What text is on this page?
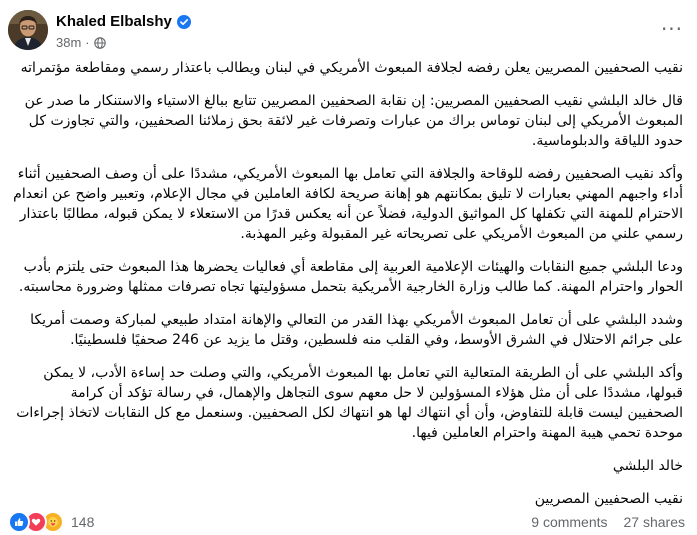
Khaled Elbalshy
38m ·
···

نقيب الصحفيين المصريين يعلن رفضه لجلافة المبعوث الأمريكي في لبنان ويطالب باعتذار رسمي ومقاطعة مؤتمراته

قال خالد البلشي نقيب الصحفيين المصريين: إن نقابة الصحفيين المصريين تتابع ببالغ الاستياء والاستنكار ما صدر عن المبعوث الأمريكي إلى لبنان توماس براك من عبارات وتصرفات غير لائقة بحق زملائنا الصحفيين، والتي تجاوزت كل حدود اللياقة والدبلوماسية.

وأكد نقيب الصحفيين رفضه للوقاحة والجلافة التي تعامل بها المبعوث الأمريكي، مشددًا على أن وصف الصحفيين أثناء أداء واجبهم المهني بعبارات لا تليق بمكانتهم هو إهانة صريحة لكافة العاملين في مجال الإعلام، وتعبير واضح عن انعدام الاحترام للمهنة التي تكفلها كل المواثيق الدولية، فضلاً عن أنه يعكس قدرًا من الاستعلاء لا يمكن قبوله، مطالبًا باعتذار رسمي علني من المبعوث الأمريكي على تصريحاته غير المقبولة وغير المهذبة.

ودعا البلشي جميع النقابات والهيئات الإعلامية العربية إلى مقاطعة أي فعاليات يحضرها هذا المبعوث حتى يلتزم بأدب الحوار واحترام المهنة. كما طالب وزارة الخارجية الأمريكية بتحمل مسؤوليتها تجاه تصرفات ممثلها وضرورة محاسبته.

وشدد البلشي على أن تعامل المبعوث الأمريكي بهذا القدر من التعالي والإهانة امتداد طبيعي لمباركة وصمت أمريكا على جرائم الاحتلال في الشرق الأوسط، وفي القلب منه فلسطين، وقتل ما يزيد عن 246 صحفيًا فلسطينيًا.

وأكد البلشي على أن الطريقة المتعالية التي تعامل بها المبعوث الأمريكي، والتي وصلت حد إساءة الأدب، لا يمكن قبولها، مشددًا على أن مثل هؤلاء المسؤولين لا حل معهم سوى التجاهل والإهمال، في رسالة تؤكد أن كرامة الصحفيين ليست قابلة للتفاوض، وأن أي انتهاك لها هو انتهاك لكل الصحفيين. وسنعمل مع كل النقابات لاتخاذ إجراءات موحدة تحمي هيبة المهنة واحترام العاملين فيها.

خالد البلشي

نقيب الصحفيين المصريين

148	9 comments 27 shares
